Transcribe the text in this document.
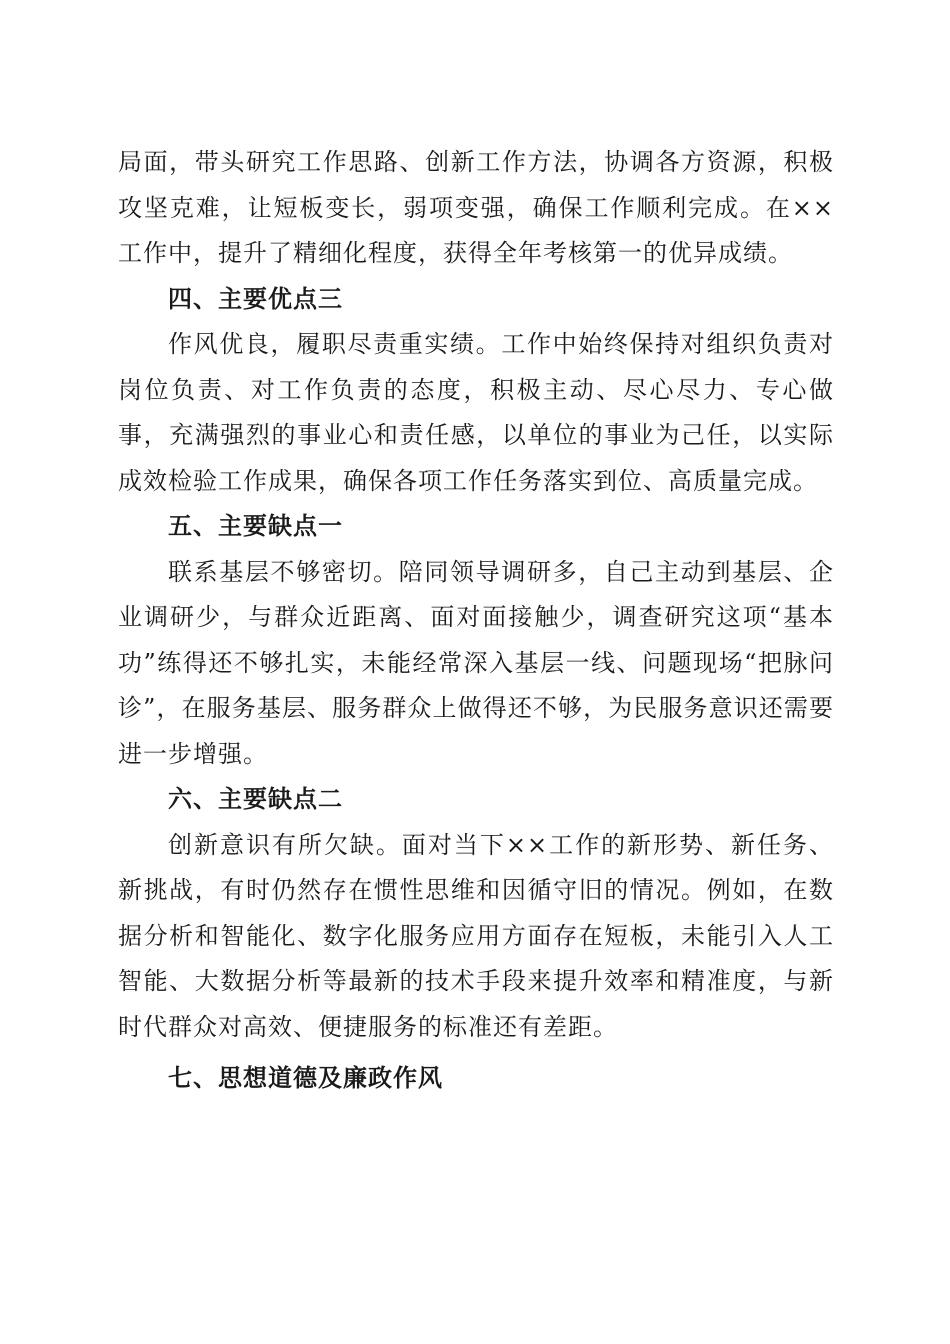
局面，带头研究工作思路、创新工作方法，协调各方资源，积极攻坚克难，让短板变长，弱项变强，确保工作顺利完成。在××工作中，提升了精细化程度，获得全年考核第一的优异成绩。

四、主要优点三

作风优良，履职尽责重实绩。工作中始终保持对组织负责对岗位负责、对工作负责的态度，积极主动、尽心尽力、专心做事，充满强烈的事业心和责任感，以单位的事业为己任，以实际成效检验工作成果，确保各项工作任务落实到位、高质量完成。

五、主要缺点一

联系基层不够密切。陪同领导调研多，自己主动到基层、企业调研少，与群众近距离、面对面接触少，调查研究这项“基本功”练得还不够扎实，未能经常深入基层一线、问题现场“把脉问诊”，在服务基层、服务群众上做得还不够，为民服务意识还需要进一步增强。

六、主要缺点二

创新意识有所欠缺。面对当下××工作的新形势、新任务、新挑战，有时仍然存在惯性思维和因循守旧的情况。例如，在数据分析和智能化、数字化服务应用方面存在短板，未能引入人工智能、大数据分析等最新的技术手段来提升效率和精准度，与新时代群众对高效、便捷服务的标准还有差距。

七、思想道德及廉政作风
